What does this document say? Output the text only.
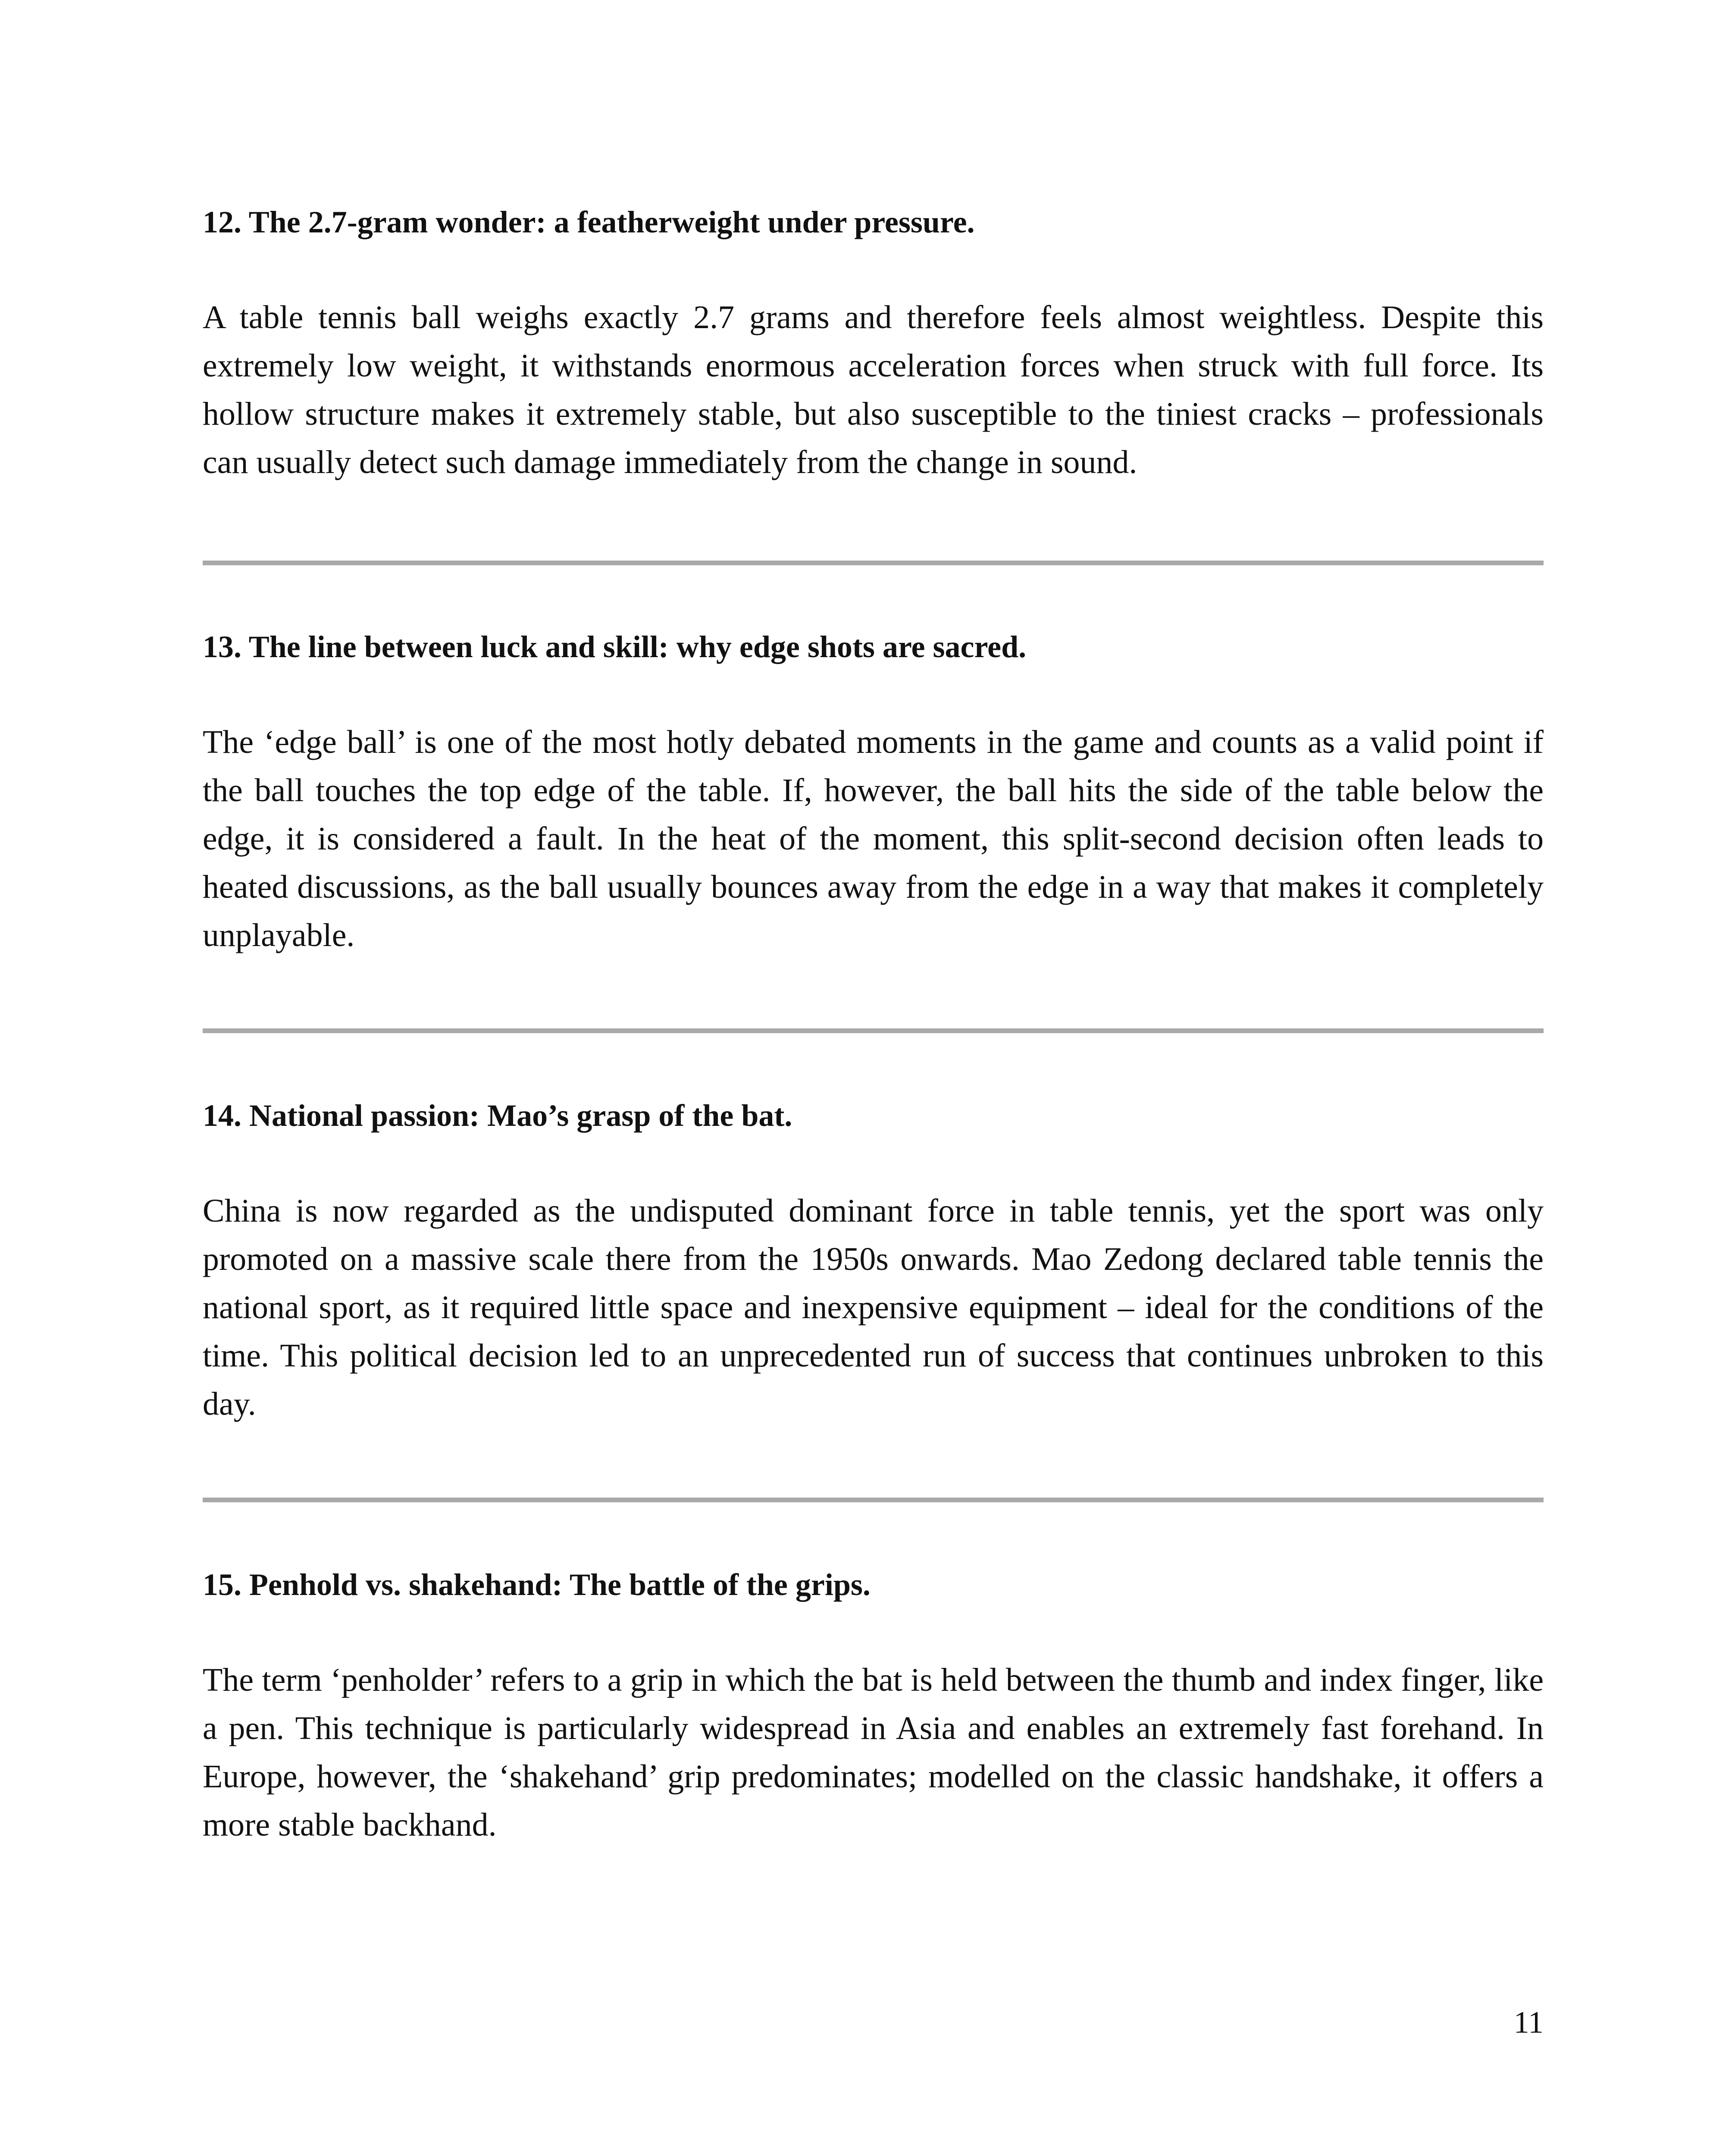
12. The 2.7-gram wonder: a featherweight under pressure.

A table tennis ball weighs exactly 2.7 grams and therefore feels almost weightless. Despite this extremely low weight, it withstands enormous acceleration forces when struck with full force. Its hollow structure makes it extremely stable, but also susceptible to the tiniest cracks – professionals can usually detect such damage immediately from the change in sound.

13. The line between luck and skill: why edge shots are sacred.

The ‘edge ball’ is one of the most hotly debated moments in the game and counts as a valid point if the ball touches the top edge of the table. If, however, the ball hits the side of the table below the edge, it is considered a fault. In the heat of the moment, this split-second decision often leads to heated discussions, as the ball usually bounces away from the edge in a way that makes it completely unplayable.

14. National passion: Mao’s grasp of the bat.

China is now regarded as the undisputed dominant force in table tennis, yet the sport was only promoted on a massive scale there from the 1950s onwards. Mao Zedong declared table tennis the national sport, as it required little space and inexpensive equipment – ideal for the conditions of the time. This political decision led to an unprecedented run of success that continues unbroken to this day.

15. Penhold vs. shakehand: The battle of the grips.

The term ‘penholder’ refers to a grip in which the bat is held between the thumb and index finger, like a pen. This technique is particularly widespread in Asia and enables an extremely fast forehand. In Europe, however, the ‘shakehand’ grip predominates; modelled on the classic handshake, it offers a more stable backhand.

11
